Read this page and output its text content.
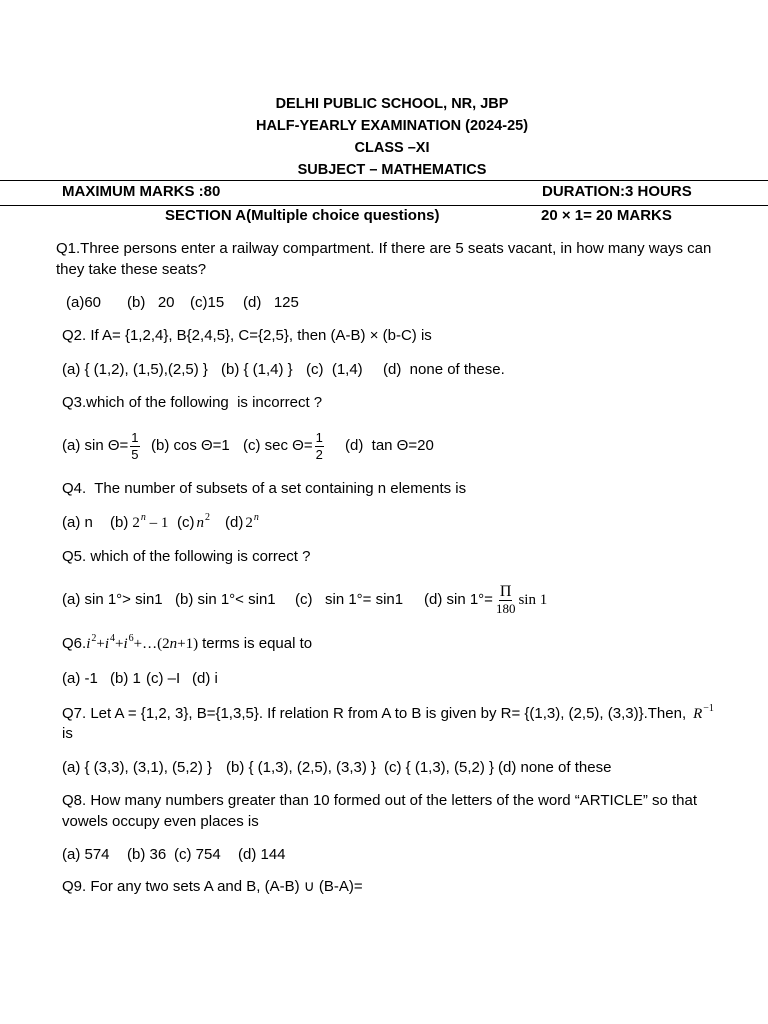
DELHI PUBLIC SCHOOL, NR, JBP
HALF-YEARLY EXAMINATION (2024-25)
CLASS –XI
SUBJECT – MATHEMATICS
MAXIMUM MARKS :80	DURATION:3 HOURS
SECTION A(Multiple choice questions)	20 × 1= 20 MARKS
Q1.Three persons enter a railway compartment. If there are 5 seats vacant, in how many ways can
they take these seats?
(a)60 (b)   20 (c)15 (d)   125
Q2. If A= {1,2,4}, B{2,4,5}, C={2,5}, then (A-B) × (b-C) is
(a) { (1,2), (1,5),(2,5) } (b) { (1,4) } (c)  (1,4) (d)  none of these.
Q3.which of the following  is incorrect ?
(a) $\sin \Theta= \frac{1}{5} (b)$ cos Θ=1 (c) $\sec \Theta= \frac{1}{2} (d)$  tan Θ=20
Q4.  The number of subsets of a set containing n elements is
(a) n (b) 2$^n$ – 1 (c) $n^2$ (d) 2$^n$
Q5. which of the following is correct ?
(a) sin 1°> sin1 (b) sin 1°< sin1 (c)   sin 1°= sin1 (d) $\sin 1^\circ= \frac{\Pi}{180}$ sin 1
Q6. $i^2+i^4+i^6+\dots(2n+1)$ terms is equal to
(a) -1 (b) 1 (c) –I (d) i
Q7. Let A = {1,2, 3}, B={1,3,5}. If relation R from A to B is given by R= {(1,3), (2,5), (3,3)}.Then, $R^{-1}$
is
(a) { (3,3), (3,1), (5,2) } (b) { (1,3), (2,5), (3,3) } (c) { (1,3), (5,2) } (d) none of these
Q8. How many numbers greater than 10 formed out of the letters of the word “ARTICLE” so that
vowels occupy even places is
(a) 574 (b) 36 (c) 754 (d) 144
Q9. For any two sets A and B, (A-B) ∪ (B-A)=
